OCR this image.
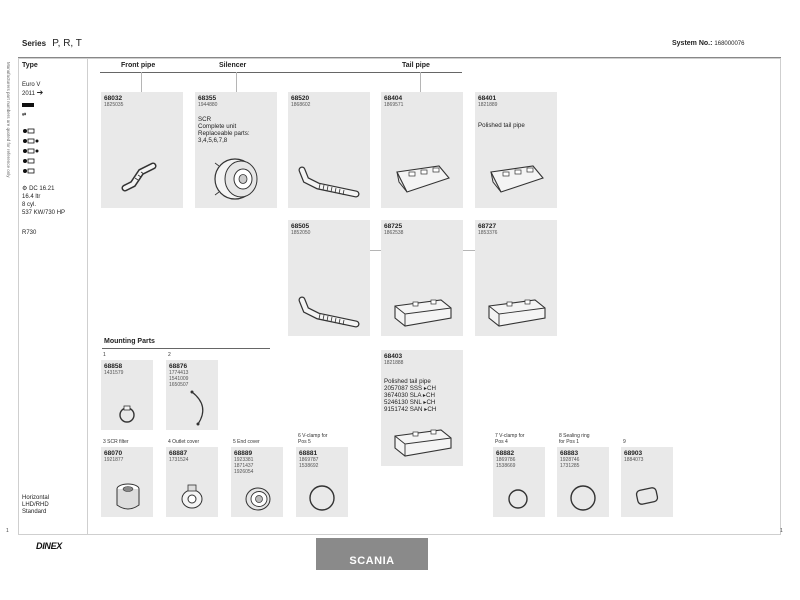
Series P, R, T	System No.: 168000076
Manufacturers part numbers are quoted for reference only Type
Euro V
2011 ➔
⇄
⚙ DC 16.21
16.4 ltr
8 cyl.
537 KW/730 HP
R730
Horizontal
LHD/RHD
Standard
1
Front pipe	Silencer	Tail pipe
68032
1825035
68355
1944880
SCR
Complete unit
Replaceable parts:
3,4,5,6,7,8
68520
1868602
68404
1869571
68401
1821889
Polished tail pipe
68505
1852050
68725
1862538
68727
1853376
Mounting Parts
68403
1821888
Polished tail pipe
2057087 SSS ▸CH
3674030 SLA ▸CH
5246130 SNL ▸CH
9151742 SAN ▸CH
1
68858
1431579
2
68876
1774413
1541009
1650507
3 SCR filter
68070
1921877
4 Outlet cover
68887
1731524
5 End cover
68889
1923381
1871437
1926054
6 V-clamp for
Pos 5
68881
1869787
1538692
7 V-clamp for
Pos 4
68882
1869786
1538669
8 Sealing ring
for Pos 1
68883
1928746
1731285
9
68903
1884073
1
DINEX
SCANIA
